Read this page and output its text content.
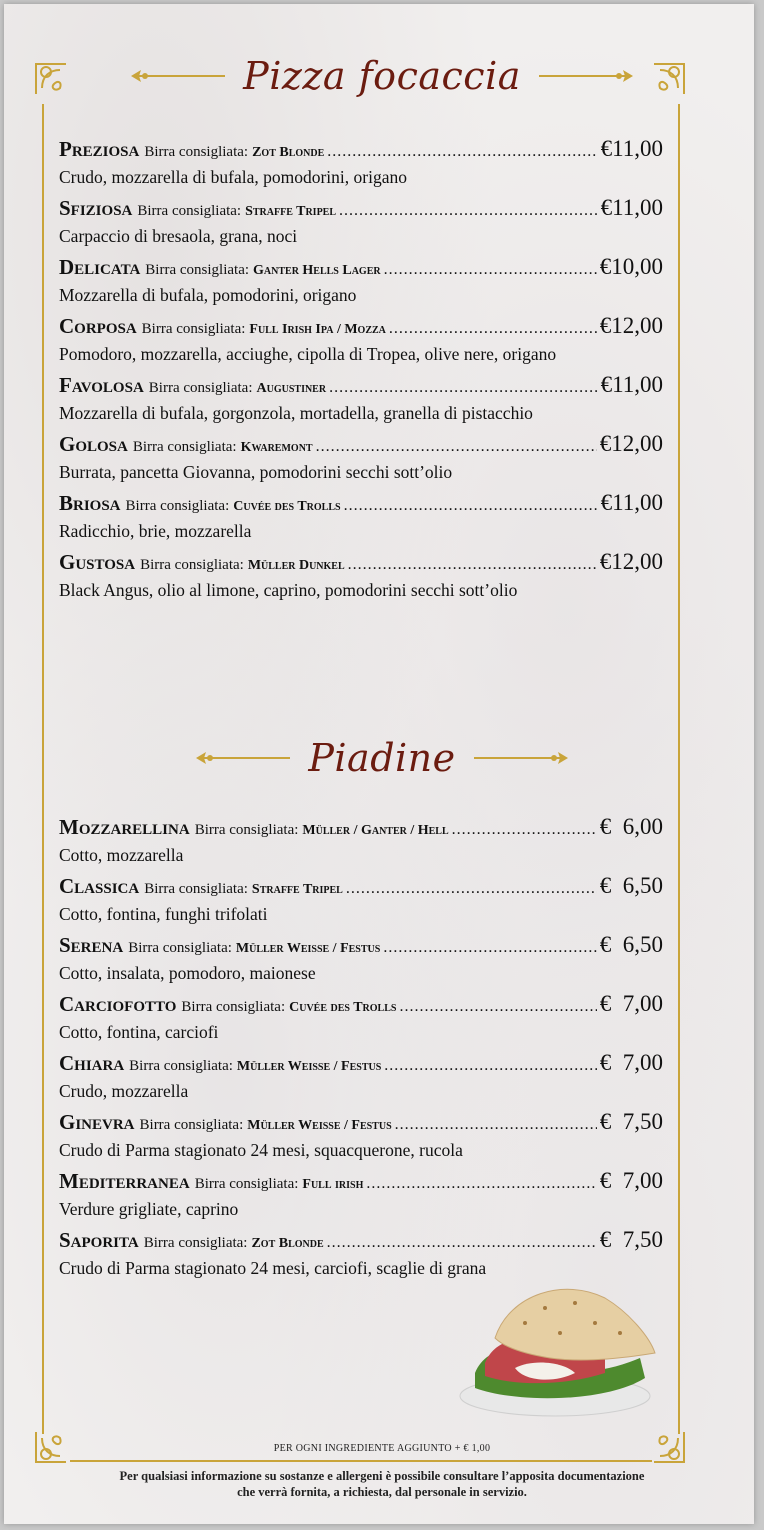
Pizza focaccia
Preziosa Birra consigliata: Zot Blonde .....	€11,00
Crudo, mozzarella di bufala, pomodorini, origano
Sfiziosa Birra consigliata: Straffe Tripel .....	€11,00
Carpaccio di bresaola, grana, noci
Delicata Birra consigliata: Ganter Hells Lager .....	€10,00
Mozzarella di bufala, pomodorini, origano
Corposa Birra consigliata: Full Irish Ipa / Mozza .....	€12,00
Pomodoro, mozzarella, acciughe, cipolla di Tropea, olive nere, origano
Favolosa Birra consigliata: Augustiner .....	€11,00
Mozzarella di bufala, gorgonzola, mortadella, granella di pistacchio
Golosa Birra consigliata: Kwaremont .....	€12,00
Burrata, pancetta Giovanna, pomodorini secchi sott’olio
Briosa Birra consigliata: Cuvée des Trolls .....	€11,00
Radicchio, brie, mozzarella
Gustosa Birra consigliata: Müller Dunkel .....	€12,00
Black Angus, olio al limone, caprino, pomodorini secchi sott’olio
Piadine
Mozzarellina Birra consigliata: Müller / Ganter / Hell .....	€  6,00
Cotto, mozzarella
Classica Birra consigliata: Straffe Tripel .....	€  6,50
Cotto, fontina, funghi trifolati
Serena Birra consigliata: Müller Weisse / Festus .....	€  6,50
Cotto, insalata, pomodoro, maionese
Carciofotto Birra consigliata: Cuvée des Trolls .....	€  7,00
Cotto, fontina, carciofi
Chiara Birra consigliata: Müller Weisse / Festus .....	€  7,00
Crudo, mozzarella
Ginevra Birra consigliata: Müller Weisse / Festus .....	€  7,50
Crudo di Parma stagionato 24 mesi, squacquerone, rucola
Mediterranea Birra consigliata: Full irish .....	€  7,00
Verdure grigliate, caprino
Saporita Birra consigliata: Zot Blonde .....	€  7,50
Crudo di Parma stagionato 24 mesi, carciofi, scaglie di grana
PER OGNI INGREDIENTE AGGIUNTO + € 1,00
Per qualsiasi informazione su sostanze e allergeni è possibile consultare l’apposita documentazione
che verrà fornita, a richiesta, dal personale in servizio.
